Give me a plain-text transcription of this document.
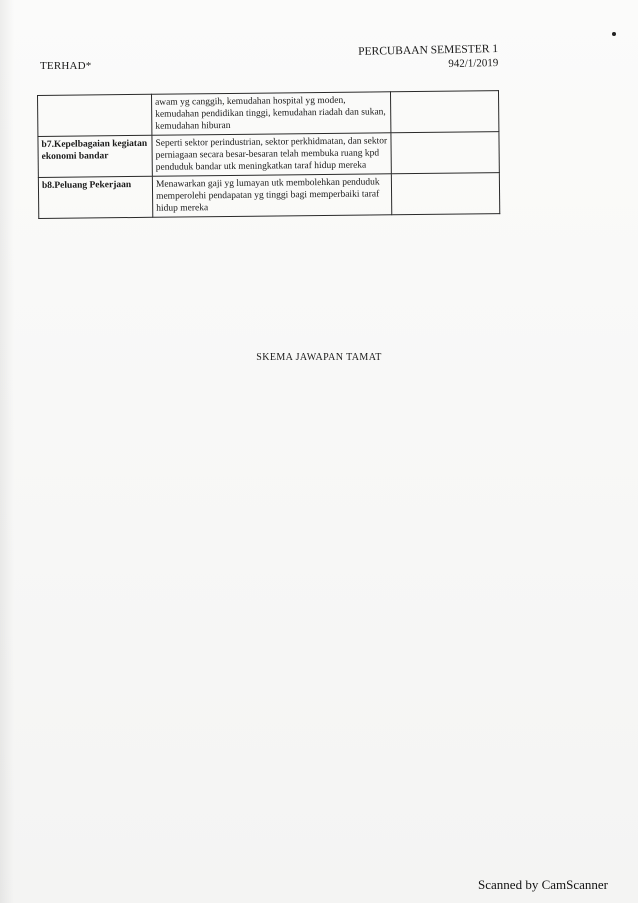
TERHAD*
PERCUBAAN SEMESTER 1
942/1/2019
	awam yg canggih, kemudahan hospital yg moden, kemudahan pendidikan tinggi, kemudahan riadah dan sukan, kemudahan hiburan	
b7.Kepelbagaian kegiatan ekonomi bandar	Seperti sektor perindustrian, sektor perkhidmatan, dan sektor perniagaan secara besar-besaran telah membuka ruang kpd penduduk bandar utk meningkatkan taraf hidup mereka	
b8.Peluang Pekerjaan	Menawarkan gaji yg lumayan utk membolehkan penduduk memperolehi pendapatan yg tinggi bagi memperbaiki taraf hidup mereka	
SKEMA JAWAPAN TAMAT
Scanned by CamScanner
